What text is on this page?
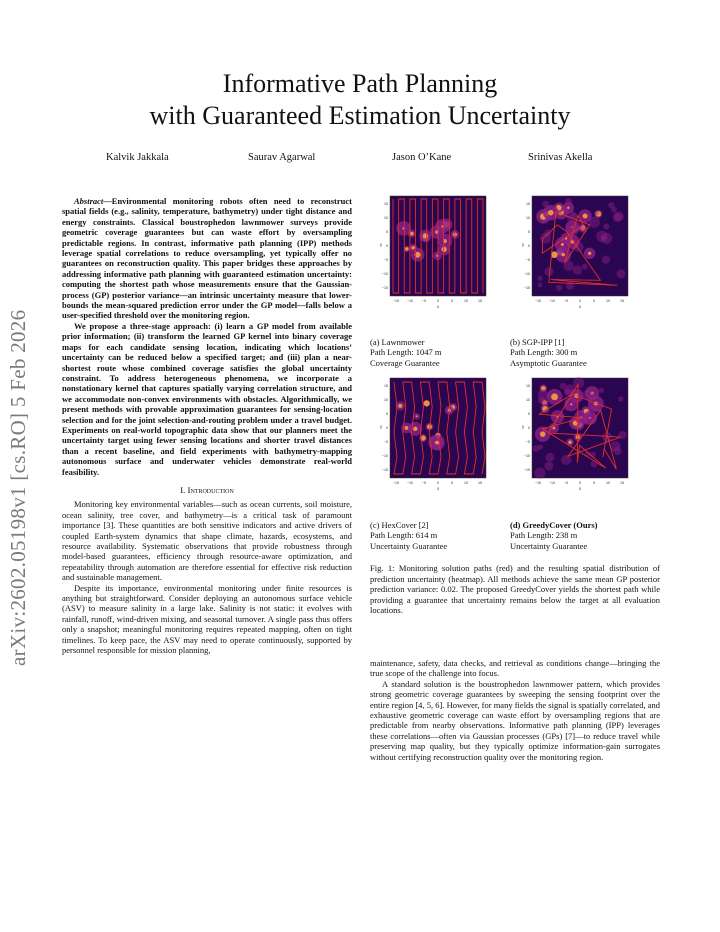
arXiv:2602.05198v1 [cs.RO] 5 Feb 2026
Informative Path Planning
with Guaranteed Estimation Uncertainty
Kalvik Jakkala	Saurav Agarwal	Jason O’Kane	Srinivas Akella

Abstract—Environmental monitoring robots often need to reconstruct spatial fields (e.g., salinity, temperature, bathymetry) under tight distance and energy constraints. Classical boustrophedon lawnmower surveys provide geometric coverage guarantees but can waste effort by oversampling predictable regions. In contrast, informative path planning (IPP) methods leverage spatial correlations to reduce oversampling, yet typically offer no guarantees on reconstruction quality. This paper bridges these approaches by addressing informative path planning with guaranteed estimation uncertainty: computing the shortest path whose measurements ensure that the Gaussian-process (GP) posterior variance—an intrinsic uncertainty measure that lower-bounds the mean-squared prediction error under the GP model—falls below a user-specified threshold over the monitoring region.

We propose a three-stage approach: (i) learn a GP model from available prior information; (ii) transform the learned GP kernel into binary coverage maps for each candidate sensing location, indicating which locations’ uncertainty can be reduced below a specified target; and (iii) plan a near-shortest route whose combined coverage satisfies the global uncertainty constraint. To address heterogeneous phenomena, we incorporate a nonstationary kernel that captures spatially varying correlation structure, and we accommodate non-convex environments with obstacles. Algorithmically, we present methods with provable approximation guarantees for sensing-location selection and for the joint selection-and-routing problem under a travel budget. Experiments on real-world topographic data show that our planners meet the uncertainty target using fewer sensing locations and shorter travel distances than a recent baseline, and field experiments with bathymetry-mapping autonomous surface and underwater vehicles demonstrate real-world feasibility.

I. Introduction

Monitoring key environmental variables—such as ocean currents, soil moisture, ocean salinity, tree cover, and bathymetry—is a critical task of paramount importance [3]. These quantities are both sensitive indicators and active drivers of coupled Earth-system dynamics that shape climate, hazards, ecosystems, and resource availability. Systematic observations that provide robustness through model-based guarantees, efficiency through resource-aware optimization, and repeatability through automation are therefore essential for effective risk reduction and sustainable management.

Despite its importance, environmental monitoring under finite resources is anything but straightforward. Consider deploying an autonomous surface vehicle (ASV) to measure salinity in a large lake. Salinity is not static: it evolves with rainfall, runoff, wind-driven mixing, and seasonal turnover. A single pass thus offers only a snapshot; meaningful monitoring requires repeated mapping, often on tight timelines. To keep pace, the ASV may need to operate continuously, supported by personnel responsible for mission planning,

−15 −10 −5	0	5	10	15
15
10
5
0
−5
−10
−15
x
y
−15 −10 −5	0	5	10	15
15
10
5
0
−5
−10
−15
x
y
−15 −10 −5	0	5	10	15
15
10
5
0
−5
−10
−15
x
y
−15 −10 −5	0	5	10	15
15
10
5
0
−5
−10
−15
x
y
(a) Lawnmower
Path Length: 1047 m
Coverage Guarantee
(b) SGP-IPP [1]
Path Length: 300 m
Asymptotic Guarantee
(c) HexCover [2]
Path Length: 614 m
Uncertainty Guarantee
(d) GreedyCover (Ours)
Path Length: 238 m
Uncertainty Guarantee
Fig. 1: Monitoring solution paths (red) and the resulting spatial distribution of prediction uncertainty (heatmap). All methods achieve the same mean GP posterior prediction variance: 0.02. The proposed GreedyCover yields the shortest path while providing a guarantee that uncertainty remains below the target at all evaluation locations.

maintenance, safety, data checks, and retrieval as conditions change—bringing the true scope of the challenge into focus.

A standard solution is the boustrophedon lawnmower pattern, which provides strong geometric coverage guarantees by sweeping the sensing footprint over the entire region [4, 5, 6]. However, for many fields the signal is spatially correlated, and exhaustive geometric coverage can waste effort by oversampling regions that are predictable from nearby observations. Informative path planning (IPP) leverages these correlations—often via Gaussian processes (GPs) [7]—to reduce travel while preserving map quality, but they typically optimize information-gain surrogates without certifying reconstruction quality over the monitoring region.
